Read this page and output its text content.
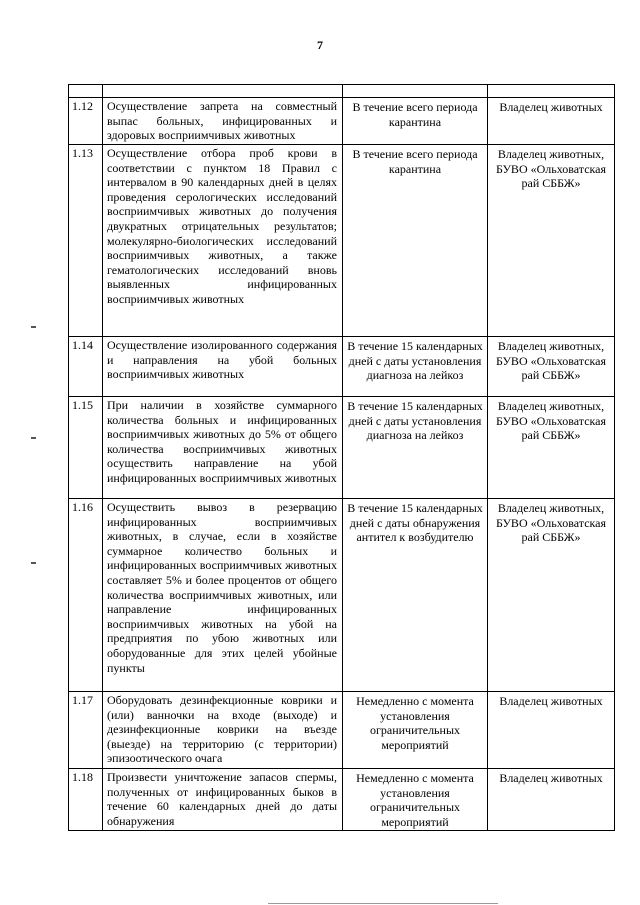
7

1.12	Осуществление запрета на совместный выпас больных, инфицированных и здоровых восприимчивых животных	В течение всего периода карантина	Владелец животных
1.13	Осуществление отбора проб крови в соответствии с пунктом 18 Правил с интервалом в 90 календарных дней в целях проведения серологических исследований восприимчивых животных до получения двукратных отрицательных результатов; молекулярно-биологических исследований восприимчивых животных, а также гематологических исследований вновь выявленных инфицированных восприимчивых животных	В течение всего периода карантина	Владелец животных, БУВО «Ольховатская рай СББЖ»
1.14	Осуществление изолированного содержания и направления на убой больных восприимчивых животных	В течение 15 календарных дней с даты установления диагноза на лейкоз	Владелец животных, БУВО «Ольховатская рай СББЖ»
1.15	При наличии в хозяйстве суммарного количества больных и инфицированных восприимчивых животных до 5% от общего количества восприимчивых животных осуществить направление на убой инфицированных восприимчивых животных	В течение 15 календарных дней с даты установления диагноза на лейкоз	Владелец животных, БУВО «Ольховатская рай СББЖ»
1.16	Осуществить вывоз в резервацию инфицированных восприимчивых животных, в случае, если в хозяйстве суммарное количество больных и инфицированных восприимчивых животных составляет 5% и более процентов от общего количества восприимчивых животных, или направление инфицированных восприимчивых животных на убой на предприятия по убою животных или оборудованные для этих целей убойные пункты	В течение 15 календарных дней с даты обнаружения антител к возбудителю	Владелец животных, БУВО «Ольховатская рай СББЖ»
1.17	Оборудовать дезинфекционные коврики и (или) ванночки на входе (выходе) и дезинфекционные коврики на въезде (выезде) на территорию (с территории) эпизоотического очага	Немедленно с момента установления ограничительных мероприятий	Владелец животных
1.18	Произвести уничтожение запасов спермы, полученных от инфицированных быков в течение 60 календарных дней до даты обнаружения	Немедленно с момента установления ограничительных мероприятий	Владелец животных
